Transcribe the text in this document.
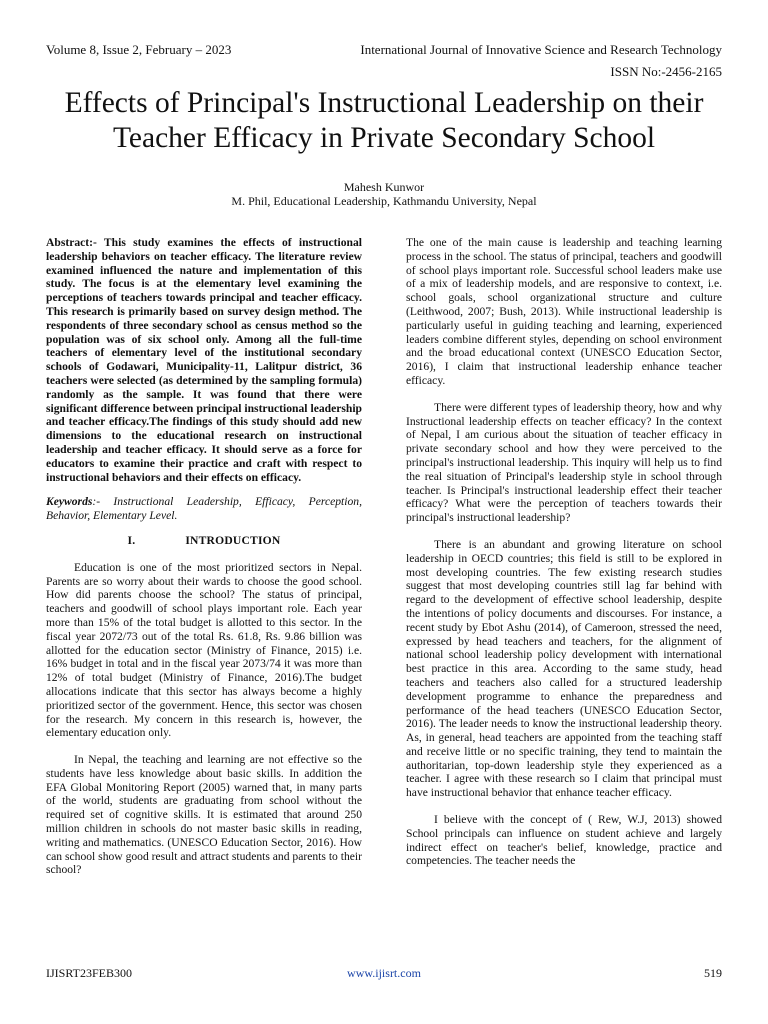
Volume 8, Issue 2, February – 2023	International Journal of Innovative Science and Research Technology
ISSN No:-2456-2165
Effects of Principal's Instructional Leadership on their Teacher Efficacy in Private Secondary School
Mahesh Kunwor
M. Phil, Educational Leadership, Kathmandu University, Nepal

Abstract:- This study examines the effects of instructional leadership behaviors on teacher efficacy. The literature review examined influenced the nature and implementation of this study. The focus is at the elementary level examining the perceptions of teachers towards principal and teacher efficacy. This research is primarily based on survey design method. The respondents of three secondary school as census method so the population was of six school only. Among all the full-time teachers of elementary level of the institutional secondary schools of Godawari, Municipality-11, Lalitpur district, 36 teachers were selected (as determined by the sampling formula) randomly as the sample. It was found that there were significant difference between principal instructional leadership and teacher efficacy.The findings of this study should add new dimensions to the educational research on instructional leadership and teacher efficacy. It should serve as a force for educators to examine their practice and craft with respect to instructional behaviors and their effects on efficacy.

Keywords:- Instructional Leadership, Efficacy, Perception, Behavior, Elementary Level.

I.	INTRODUCTION

Education is one of the most prioritized sectors in Nepal. Parents are so worry about their wards to choose the good school. How did parents choose the school? The status of principal, teachers and goodwill of school plays important role. Each year more than 15% of the total budget is allotted to this sector. In the fiscal year 2072/73 out of the total Rs. 61.8, Rs. 9.86 billion was allotted for the education sector (Ministry of Finance, 2015) i.e. 16% budget in total and in the fiscal year 2073/74 it was more than 12% of total budget (Ministry of Finance, 2016).The budget allocations indicate that this sector has always become a highly prioritized sector of the government. Hence, this sector was chosen for the research. My concern in this research is, however, the elementary education only.

In Nepal, the teaching and learning are not effective so the students have less knowledge about basic skills. In addition the EFA Global Monitoring Report (2005) warned that, in many parts of the world, students are graduating from school without the required set of cognitive skills. It is estimated that around 250 million children in schools do not master basic skills in reading, writing and mathematics. (UNESCO Education Sector, 2016). How can school show good result and attract students and parents to their school?

The one of the main cause is leadership and teaching learning process in the school. The status of principal, teachers and goodwill of school plays important role. Successful school leaders make use of a mix of leadership models, and are responsive to context, i.e. school goals, school organizational structure and culture (Leithwood, 2007; Bush, 2013). While instructional leadership is particularly useful in guiding teaching and learning, experienced leaders combine different styles, depending on school environment and the broad educational context (UNESCO Education Sector, 2016), I claim that instructional leadership enhance teacher efficacy.

There were different types of leadership theory, how and why Instructional leadership effects on teacher efficacy? In the context of Nepal, I am curious about the situation of teacher efficacy in private secondary school and how they were perceived to the principal's instructional leadership. This inquiry will help us to find the real situation of Principal's leadership style in school through teacher. Is Principal's instructional leadership effect their teacher efficacy? What were the perception of teachers towards their principal's instructional leadership?

There is an abundant and growing literature on school leadership in OECD countries; this field is still to be explored in most developing countries. The few existing research studies suggest that most developing countries still lag far behind with regard to the development of effective school leadership, despite the intentions of policy documents and discourses. For instance, a recent study by Ebot Ashu (2014), of Cameroon, stressed the need, expressed by head teachers and teachers, for the alignment of national school leadership policy development with international best practice in this area. According to the same study, head teachers and teachers also called for a structured leadership development programme to enhance the preparedness and performance of the head teachers (UNESCO Education Sector, 2016). The leader needs to know the instructional leadership theory. As, in general, head teachers are appointed from the teaching staff and receive little or no specific training, they tend to maintain the authoritarian, top-down leadership style they experienced as a teacher. I agree with these research so I claim that principal must have instructional behavior that enhance teacher efficacy.

I believe with the concept of ( Rew, W.J, 2013) showed School principals can influence on student achieve and largely indirect effect on teacher's belief, knowledge, practice and competencies. The teacher needs the

IJISRT23FEB300	www.ijisrt.com	519
